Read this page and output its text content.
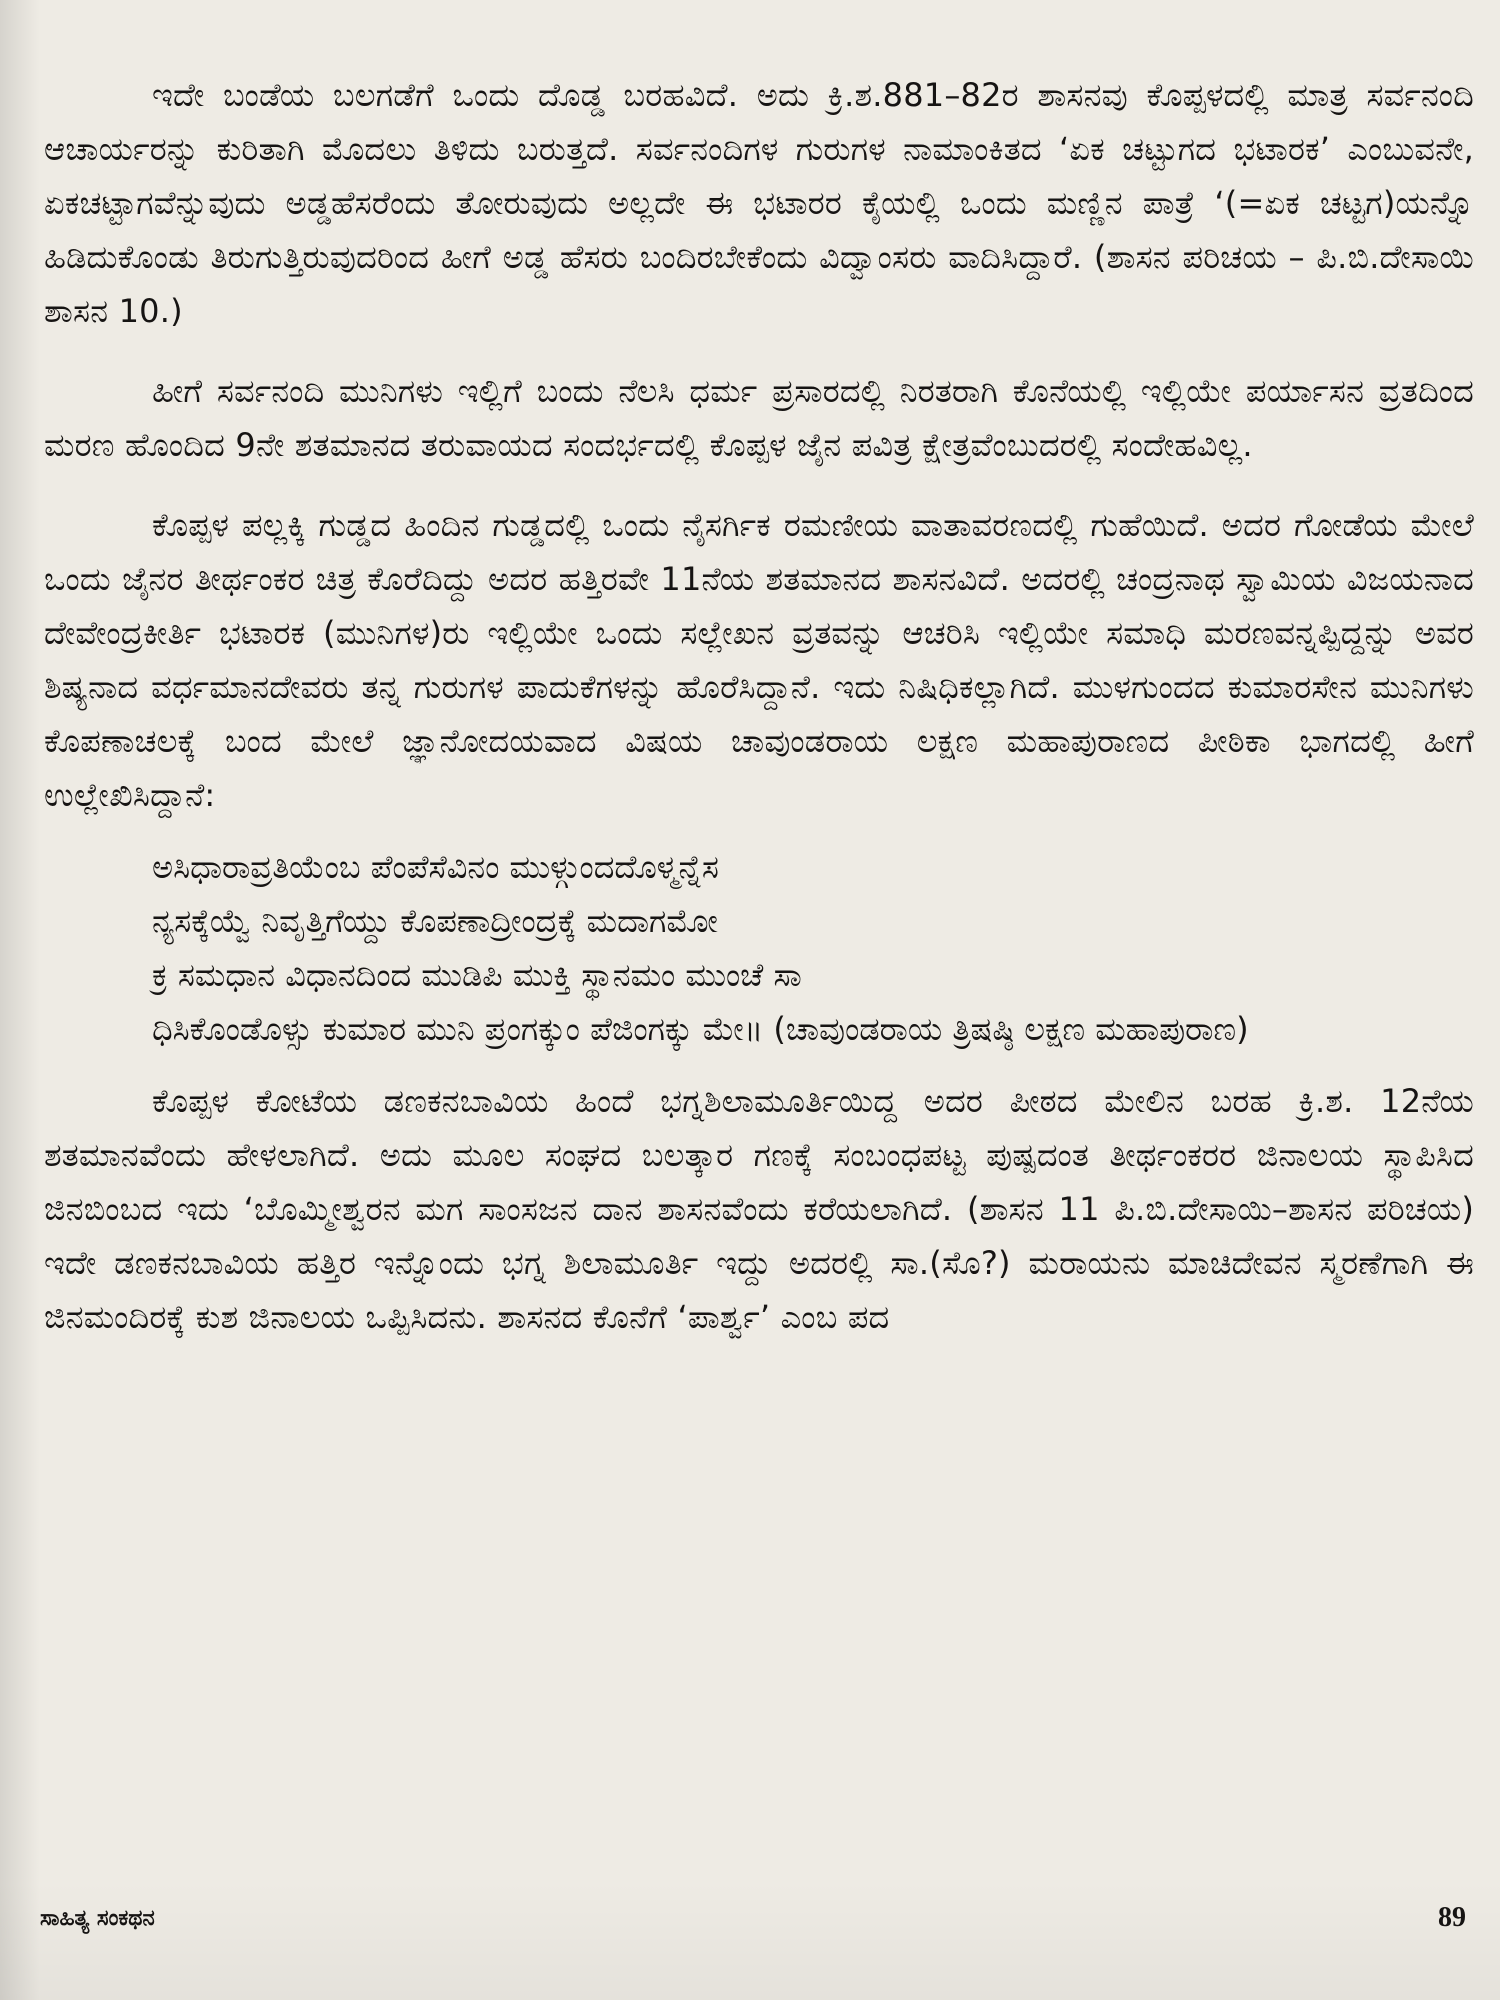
ಇದೇ ಬಂಡೆಯ ಬಲಗಡೆಗೆ ಒಂದು ದೊಡ್ಡ ಬರಹವಿದೆ. ಅದು ಕ್ರಿ.ಶ.881–82ರ ಶಾಸನವು ಕೊಪ್ಪಳದಲ್ಲಿ ಮಾತ್ರ ಸರ್ವನಂದಿ ಆಚಾರ್ಯರನ್ನು ಕುರಿತಾಗಿ ಮೊದಲು ತಿಳಿದು ಬರುತ್ತದೆ. ಸರ್ವನಂದಿಗಳ ಗುರುಗಳ ನಾಮಾಂಕಿತದ ‘ಏಕ ಚಟ್ಟುಗದ ಭಟಾರಕ’ ಎಂಬುವನೇ, ಏಕಚಟ್ಟಾಗವೆನ್ನುವುದು ಅಡ್ಡಹೆಸರೆಂದು ತೋರುವುದು ಅಲ್ಲದೇ ಈ ಭಟಾರರ ಕೈಯಲ್ಲಿ ಒಂದು ಮಣ್ಣಿನ ಪಾತ್ರೆ ‘(=ಏಕ ಚಟ್ಟಗ)ಯನ್ನೊ ಹಿಡಿದುಕೊಂಡು ತಿರುಗುತ್ತಿರುವುದರಿಂದ ಹೀಗೆ ಅಡ್ಡ ಹೆಸರು ಬಂದಿರಬೇಕೆಂದು ವಿದ್ವಾಂಸರು ವಾದಿಸಿದ್ದಾರೆ. (ಶಾಸನ ಪರಿಚಯ – ಪಿ.ಬಿ.ದೇಸಾಯಿ ಶಾಸನ 10.)

ಹೀಗೆ ಸರ್ವನಂದಿ ಮುನಿಗಳು ಇಲ್ಲಿಗೆ ಬಂದು ನೆಲಸಿ ಧರ್ಮ ಪ್ರಸಾರದಲ್ಲಿ ನಿರತರಾಗಿ ಕೊನೆಯಲ್ಲಿ ಇಲ್ಲಿಯೇ ಪರ್ಯಾಸನ ವ್ರತದಿಂದ ಮರಣ ಹೊಂದಿದ 9ನೇ ಶತಮಾನದ ತರುವಾಯದ ಸಂದರ್ಭದಲ್ಲಿ ಕೊಪ್ಪಳ ಜೈನ ಪವಿತ್ರ ಕ್ಷೇತ್ರವೆಂಬುದರಲ್ಲಿ ಸಂದೇಹವಿಲ್ಲ.

ಕೊಪ್ಪಳ ಪಲ್ಲಕ್ಕಿ ಗುಡ್ಡದ ಹಿಂದಿನ ಗುಡ್ಡದಲ್ಲಿ ಒಂದು ನೈಸರ್ಗಿಕ ರಮಣೀಯ ವಾತಾವರಣದಲ್ಲಿ ಗುಹೆಯಿದೆ. ಅದರ ಗೋಡೆಯ ಮೇಲೆ ಒಂದು ಜೈನರ ತೀರ್ಥಂಕರ ಚಿತ್ರ ಕೊರೆದಿದ್ದು ಅದರ ಹತ್ತಿರವೇ 11ನೆಯ ಶತಮಾನದ ಶಾಸನವಿದೆ. ಅದರಲ್ಲಿ ಚಂದ್ರನಾಥ ಸ್ವಾಮಿಯ ವಿಜಯನಾದ ದೇವೇಂದ್ರಕೀರ್ತಿ ಭಟಾರಕ (ಮುನಿಗಳ)ರು ಇಲ್ಲಿಯೇ ಒಂದು ಸಲ್ಲೇಖನ ವ್ರತವನ್ನು ಆಚರಿಸಿ ಇಲ್ಲಿಯೇ ಸಮಾಧಿ ಮರಣವನ್ನಪ್ಪಿದ್ದನ್ನು ಅವರ ಶಿಷ್ಯನಾದ ವರ್ಧಮಾನದೇವರು ತನ್ನ ಗುರುಗಳ ಪಾದುಕೆಗಳನ್ನು ಹೊರೆಸಿದ್ದಾನೆ. ಇದು ನಿಷಿಧಿಕಲ್ಲಾಗಿದೆ. ಮುಳಗುಂದದ ಕುಮಾರಸೇನ ಮುನಿಗಳು ಕೊಪಣಾಚಲಕ್ಕೆ ಬಂದ ಮೇಲೆ ಜ್ಞಾನೋದಯವಾದ ವಿಷಯ ಚಾವುಂಡರಾಯ ಲಕ್ಷಣ ಮಹಾಪುರಾಣದ ಪೀಠಿಕಾ ಭಾಗದಲ್ಲಿ ಹೀಗೆ ಉಲ್ಲೇಖಿಸಿದ್ದಾನೆ:

ಅಸಿಧಾರಾವ್ರತಿಯೆಂಬ ಪೆಂಪೆಸೆವಿನಂ ಮುಳ್ಗುಂದದೊಳ್ಮನ್ನೆಸ

ನ್ಯಸಕ್ಕೆಯ್ವೆ ನಿವೃತ್ತಿಗೆಯ್ದು ಕೊಪಣಾದ್ರೀಂದ್ರಕ್ಕೆ ಮದಾಗಮೋ

ಕ್ರ ಸಮಧಾನ ವಿಧಾನದಿಂದ ಮುಡಿಪಿ ಮುಕ್ತಿ ಸ್ಥಾನಮಂ ಮುಂಚೆ ಸಾ

ಧಿಸಿಕೊಂಡೊಳ್ಸು ಕುಮಾರ ಮುನಿ ಪ್ರಂಗಕ್ಕುಂ ಪೆಜಿಂಗಕ್ಕು ಮೇ॥ (ಚಾವುಂಡರಾಯ ತ್ರಿಷಷ್ಠಿ ಲಕ್ಷಣ ಮಹಾಪುರಾಣ)

ಕೊಪ್ಪಳ ಕೋಟೆಯ ಡಣಕನಬಾವಿಯ ಹಿಂದೆ ಭಗ್ನಶಿಲಾಮೂರ್ತಿಯಿದ್ದ ಅದರ ಪೀಠದ ಮೇಲಿನ ಬರಹ ಕ್ರಿ.ಶ. 12ನೆಯ ಶತಮಾನವೆಂದು ಹೇಳಲಾಗಿದೆ. ಅದು ಮೂಲ ಸಂಘದ ಬಲತ್ಕಾರ ಗಣಕ್ಕೆ ಸಂಬಂಧಪಟ್ಟ ಪುಷ್ಪದಂತ ತೀರ್ಥಂಕರರ ಜಿನಾಲಯ ಸ್ಥಾಪಿಸಿದ ಜಿನಬಿಂಬದ ಇದು ‘ಬೊಮ್ಮೀಶ್ವರನ ಮಗ ಸಾಂಸಜನ ದಾನ ಶಾಸನವೆಂದು ಕರೆಯಲಾಗಿದೆ. (ಶಾಸನ 11 ಪಿ.ಬಿ.ದೇಸಾಯಿ–ಶಾಸನ ಪರಿಚಯ) ಇದೇ ಡಣಕನಬಾವಿಯ ಹತ್ತಿರ ಇನ್ನೊಂದು ಭಗ್ನ ಶಿಲಾಮೂರ್ತಿ ಇದ್ದು ಅದರಲ್ಲಿ ಸಾ.(ಸೊ?) ಮರಾಯನು ಮಾಚಿದೇವನ ಸ್ಮರಣೆಗಾಗಿ ಈ ಜಿನಮಂದಿರಕ್ಕೆ ಕುಶ ಜಿನಾಲಯ ಒಪ್ಪಿಸಿದನು. ಶಾಸನದ ಕೊನೆಗೆ ‘ಪಾರ್ಶ್ವ’ ಎಂಬ ಪದ

ಸಾಹಿತ್ಯ ಸಂಕಥನ	89
